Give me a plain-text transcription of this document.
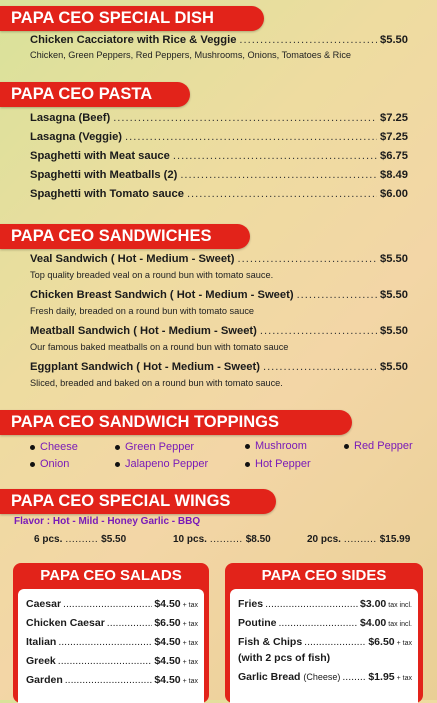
PAPA CEO SPECIAL DISH
Chicken Cacciatore with Rice & Veggie .....	$5.50
Chicken, Green Peppers, Red Peppers, Mushrooms, Onions, Tomatoes & Rice
PAPA CEO PASTA
Lasagna (Beef) .....	$7.25
Lasagna (Veggie) .....	$7.25
Spaghetti with Meat sauce .....	$6.75
Spaghetti with Meatballs (2) .....	$8.49
Spaghetti with Tomato sauce .....	$6.00
PAPA CEO SANDWICHES
Veal Sandwich ( Hot - Medium - Sweet) .....	$5.50
Top quality breaded veal on a round bun with tomato sauce.
Chicken Breast Sandwich ( Hot - Medium - Sweet) .....	$5.50
Fresh daily, breaded on a round bun with tomato sauce
Meatball Sandwich ( Hot - Medium - Sweet) .....	$5.50
Our famous baked meatballs on a round bun with tomato sauce
Eggplant Sandwich ( Hot - Medium - Sweet) .....	$5.50
Sliced, breaded and baked on a round bun with tomato sauce.
PAPA CEO SANDWICH TOPPINGS
Cheese
Onion
Green Pepper
Jalapeno Pepper
Mushroom
Hot Pepper
Red Pepper
PAPA CEO SPECIAL WINGS
Flavor : Hot - Mild - Honey Garlic - BBQ
6 pcs. .......... $5.50	10 pcs. .......... $8.50	20 pcs. .......... $15.99
PAPA CEO SALADS
Caesar .....	$4.50 + tax
Chicken Caesar .....	$6.50 + tax
Italian .....	$4.50 + tax
Greek .....	$4.50 + tax
Garden .....	$4.50 + tax
PAPA CEO SIDES
Fries .....	$3.00 tax incl.
Poutine .....	$4.00 tax incl.
Fish & Chips .....	$6.50 + tax
(with 2 pcs of fish)
Garlic Bread
(Cheese) .....	$1.95 + tax
